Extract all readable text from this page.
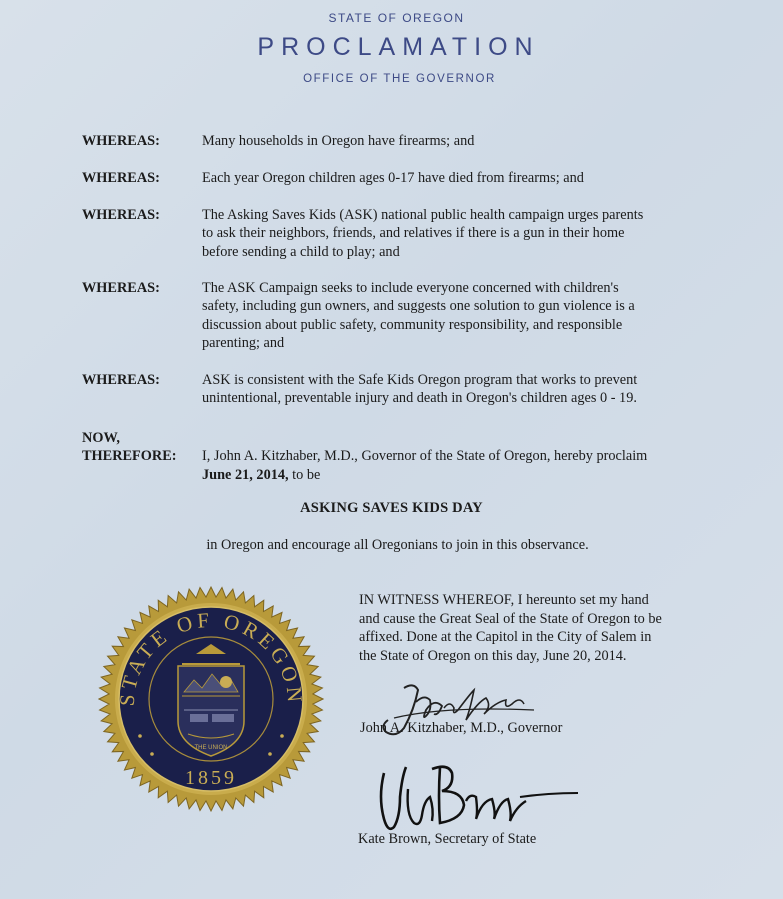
STATE OF OREGON
PROCLAMATION
OFFICE OF THE GOVERNOR
WHEREAS:	Many households in Oregon have firearms; and
WHEREAS:	Each year Oregon children ages 0-17 have died from firearms; and
WHEREAS:	The Asking Saves Kids (ASK) national public health campaign urges parents
to ask their neighbors, friends, and relatives if there is a gun in their home
before sending a child to play; and
WHEREAS:	The ASK Campaign seeks to include everyone concerned with children's
safety, including gun owners, and suggests one solution to gun violence is a
discussion about public safety, community responsibility, and responsible
parenting; and
WHEREAS:	ASK is consistent with the Safe Kids Oregon program that works to prevent
unintentional, preventable injury and death in Oregon's children ages 0 - 19.
NOW,
THEREFORE: I, John A. Kitzhaber, M.D., Governor of the State of Oregon, hereby proclaim
June 21, 2014, to be
ASKING SAVES KIDS DAY
in Oregon and encourage all Oregonians to join in this observance.
IN WITNESS WHEREOF, I hereunto set my hand
and cause the Great Seal of the State of Oregon to be
affixed. Done at the Capitol in the City of Salem in
the State of Oregon on this day, June 20, 2014.
STATE OF OREGON
1859
THE UNION
John A. Kitzhaber, M.D., Governor
Kate Brown, Secretary of State
